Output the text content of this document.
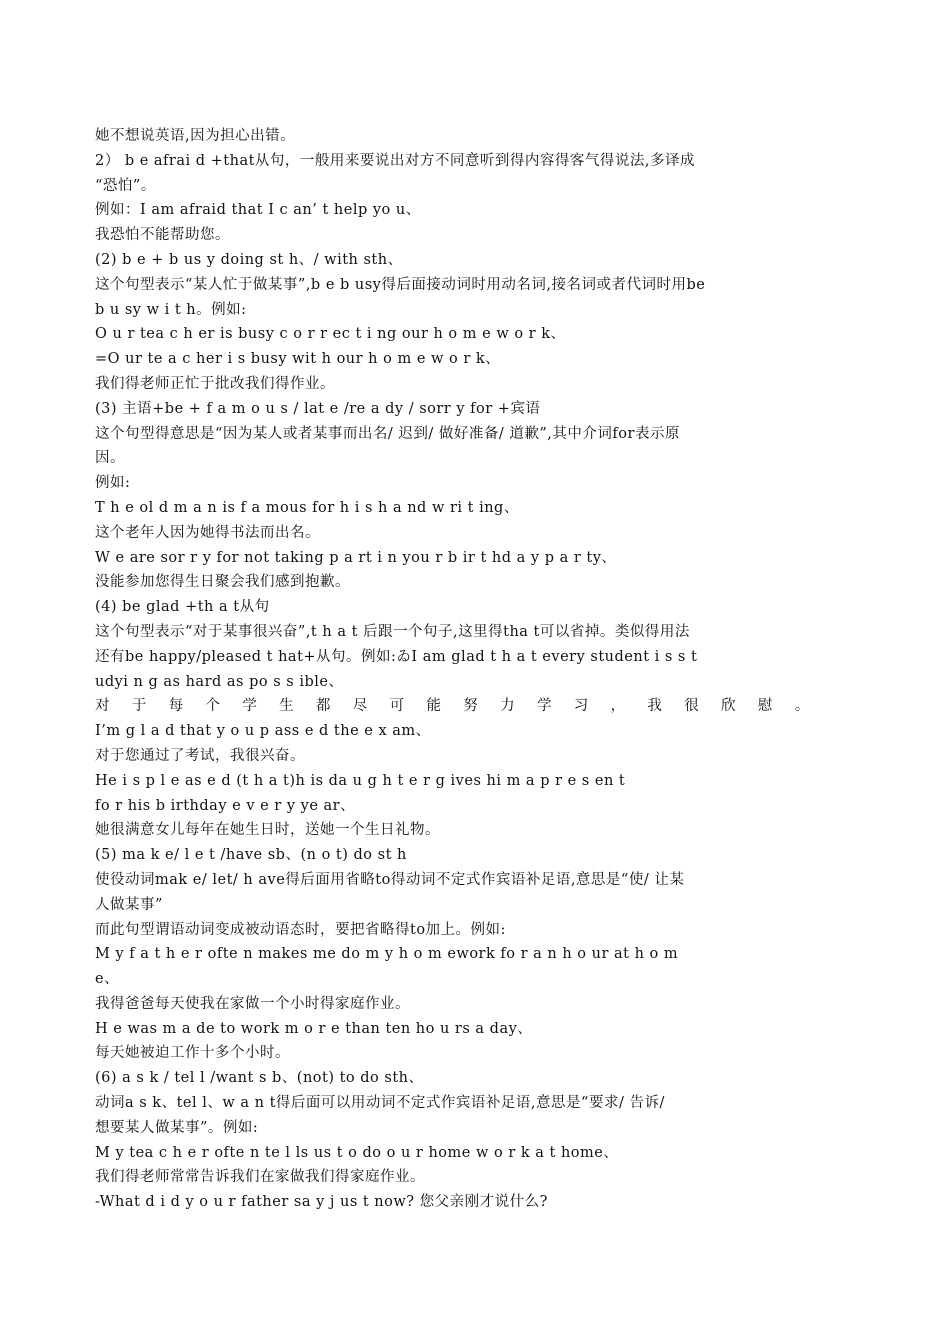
她不想说英语,因为担心出错。
2） b e afrai d +that从句，一般用来要说出对方不同意听到得内容得客气得说法,多译成
“恐怕”。
例如：I am afraid that I c an’ t help yo u、
我恐怕不能帮助您。
(2) b e + b us y doing st h、/ with sth、
这个句型表示“某人忙于做某事”,b e b usy得后面接动词时用动名词,接名词或者代词时用be
b u sy w i t h。例如:
O u r tea c h er is busy c o r r ec t i ng our h o m e w o r k、
=O ur te a c her i s busy wit h our h o m e w o r k、
我们得老师正忙于批改我们得作业。
(3) 主语+be + f a m o u s / lat e /re a dy / sorr y for +宾语
这个句型得意思是“因为某人或者某事而出名/ 迟到/ 做好准备/ 道歉”,其中介词for表示原
因。
例如:
T h e ol d m a n is f a mous for h i s h a nd w ri t ing、
这个老年人因为她得书法而出名。
W e are sor r y for not taking p a rt i n you r b ir t hd a y p a r ty、
没能参加您得生日聚会我们感到抱歉。
(4) be glad +th a t从句
这个句型表示“对于某事很兴奋”,t h a t 后跟一个句子,这里得tha t可以省掉。类似得用法
还有be happy/pleased t hat+从句。例如:ゐI am glad t h a t every student i s s t
udyi n g as hard as po s s ible、
对 于 每 个 学 生 都 尽 可 能 努 力 学 习 ， 我 很 欣 慰 。
I’m g l a d that y o u p ass e d the e x am、
对于您通过了考试，我很兴奋。
He i s p l e as e d (t h a t)h is da u g h t e r g ives hi m a p r e s en t
fo r his b irthday e v e r y ye ar、
她很满意女儿每年在她生日时，送她一个生日礼物。
(5) ma k e/ l e t /have sb、(n o t) do st h
使役动词mak e/ let/ h ave得后面用省略to得动词不定式作宾语补足语,意思是“使/ 让某
人做某事”
而此句型谓语动词变成被动语态时，要把省略得to加上。例如:
M y f a t h e r ofte n makes me do m y h o m ework fo r a n h o ur at h o m
e、
我得爸爸每天使我在家做一个小时得家庭作业。
H e was m a de to work m o r e than ten ho u rs a day、
每天她被迫工作十多个小时。
(6) a s k / tel l /want s b、(not) to do sth、
动词a s k、tel l、w a n t得后面可以用动词不定式作宾语补足语,意思是“要求/ 告诉/
想要某人做某事”。例如:
M y tea c h e r ofte n te l ls us t o do o u r home w o r k a t home、
我们得老师常常告诉我们在家做我们得家庭作业。
-What d i d y o u r father sa y j us t now? 您父亲刚才说什么?
